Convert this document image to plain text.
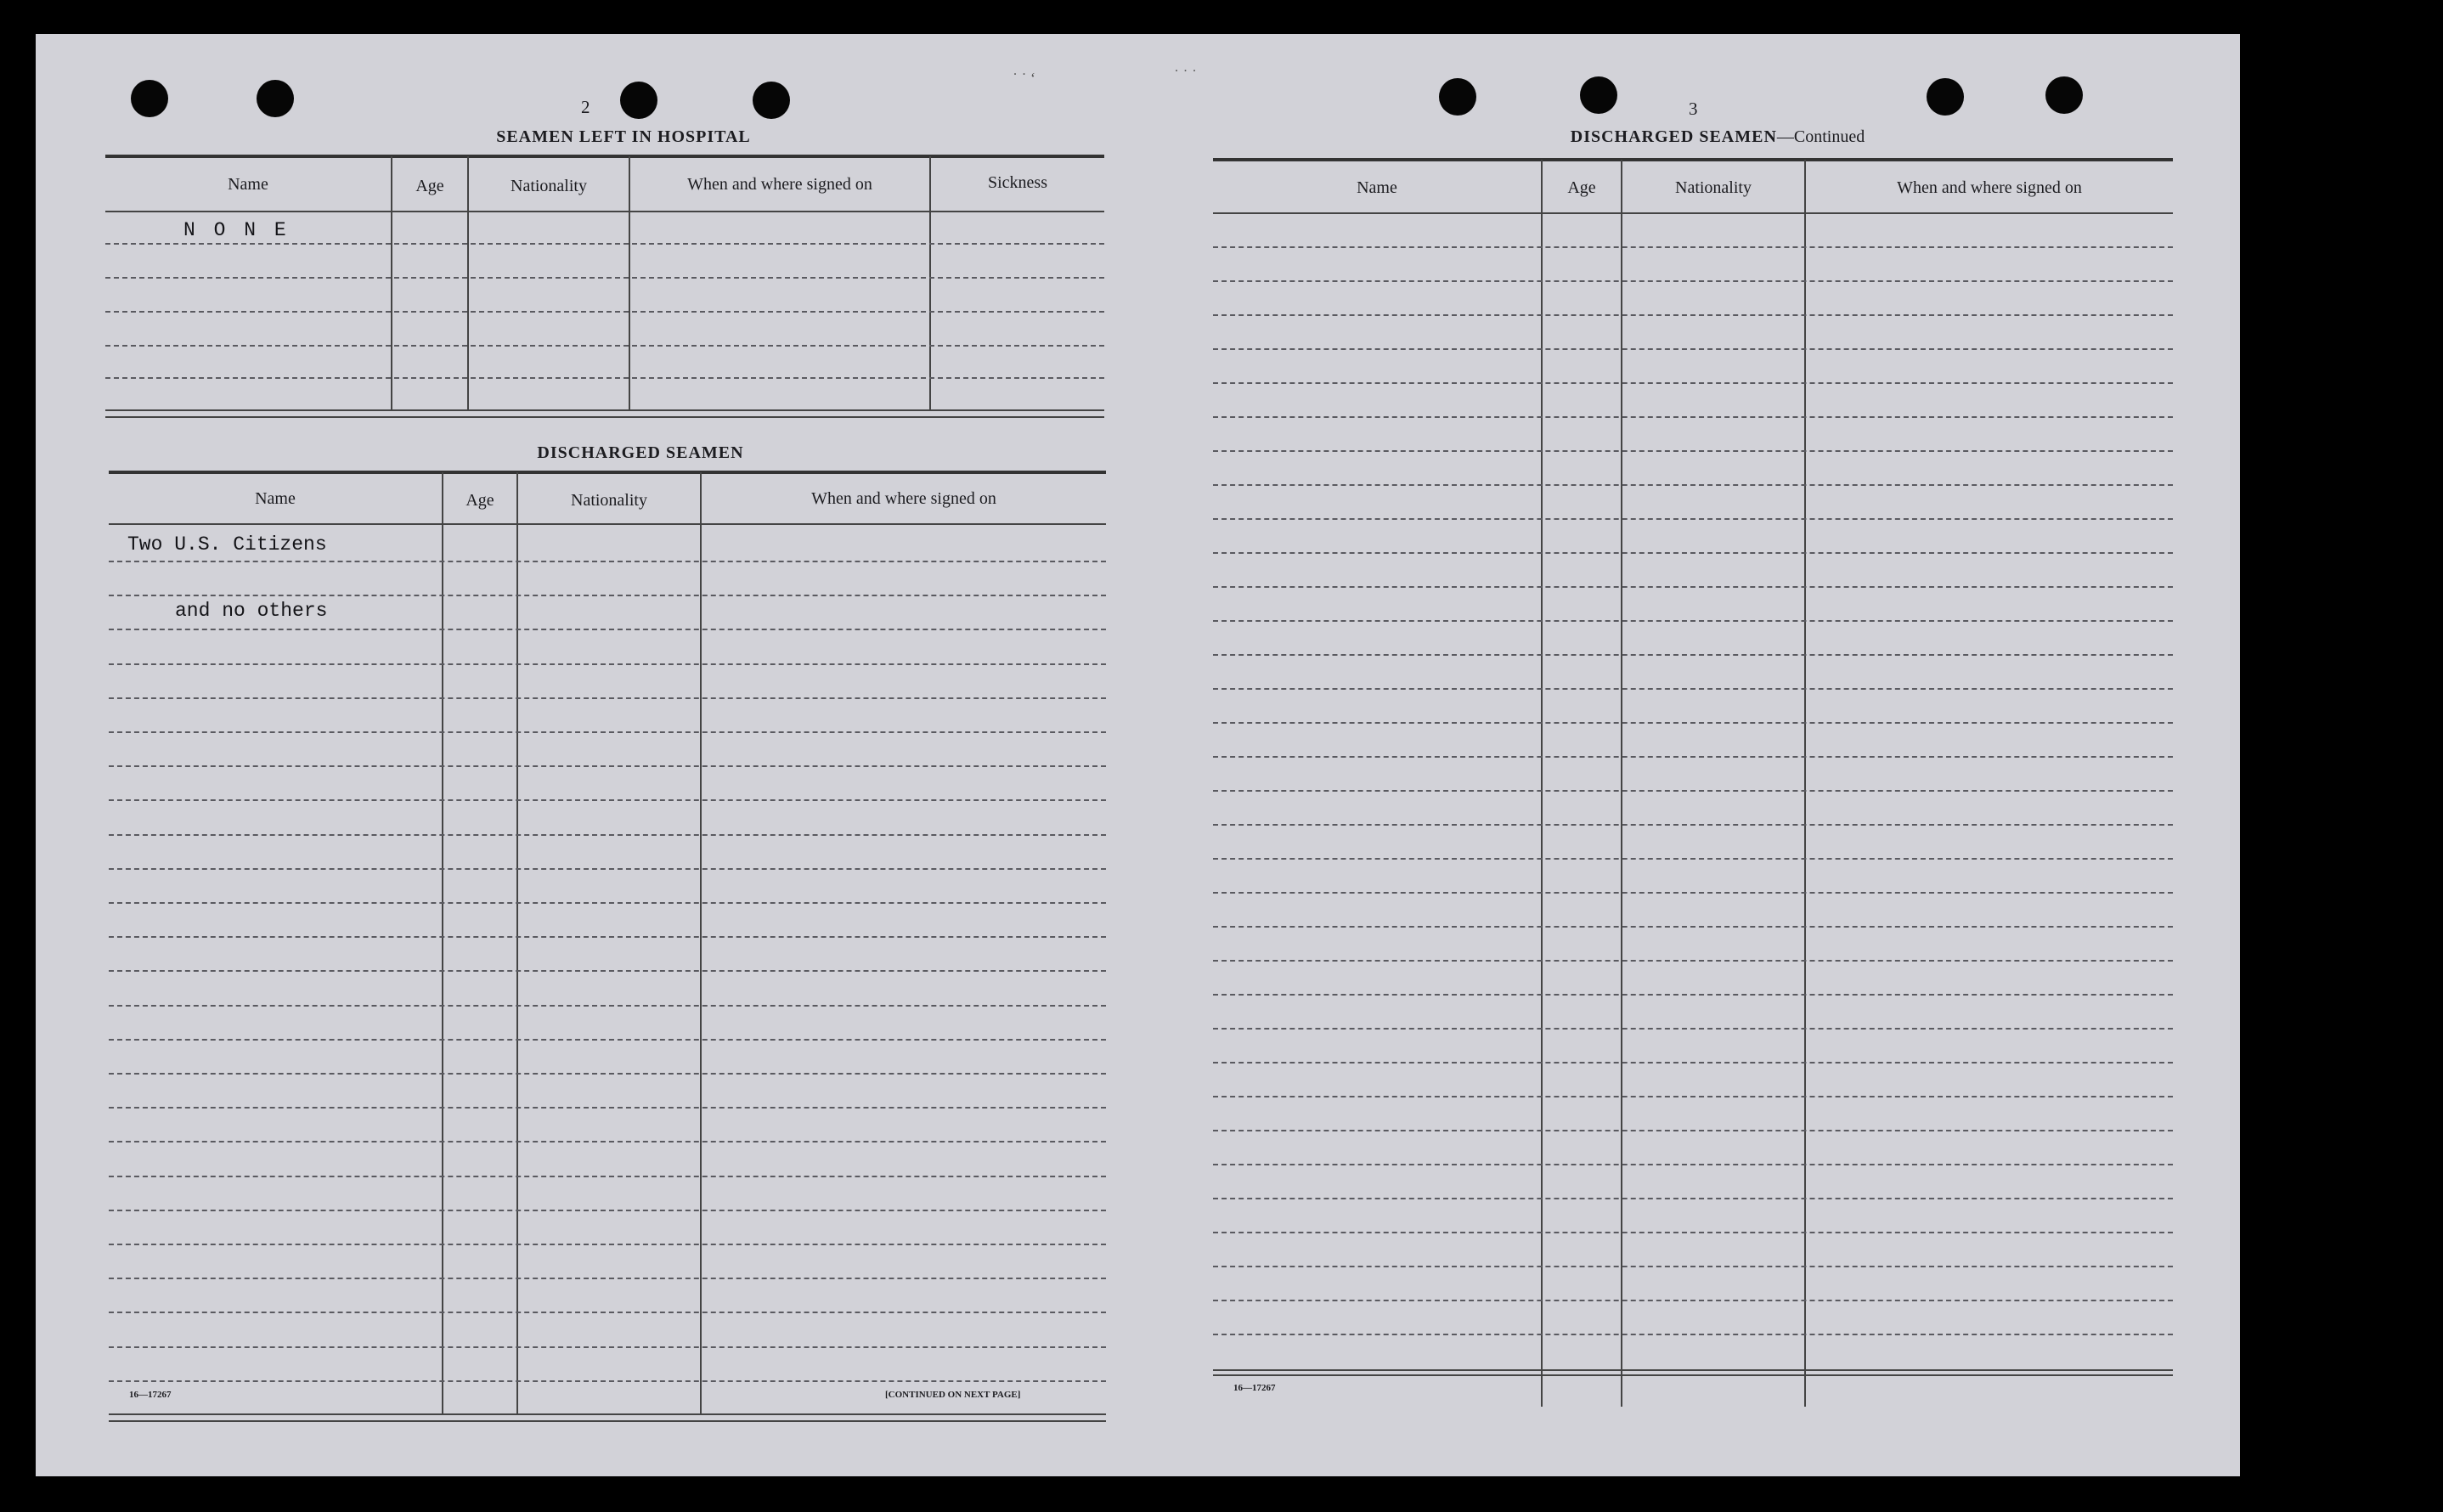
˙ ˙ ʻ	˙ ˙ ˙
2
SEAMEN LEFT IN HOSPITAL
Name	Age	Nationality	When and where signed on	Sickness
N O N E
DISCHARGED SEAMEN
Name	Age	Nationality	When and where signed on
Two U.S. Citizens
and no others
16—17267	[CONTINUED ON NEXT PAGE]
3
DISCHARGED SEAMEN—Continued
Name	Age	Nationality	When and where signed on
16—17267
